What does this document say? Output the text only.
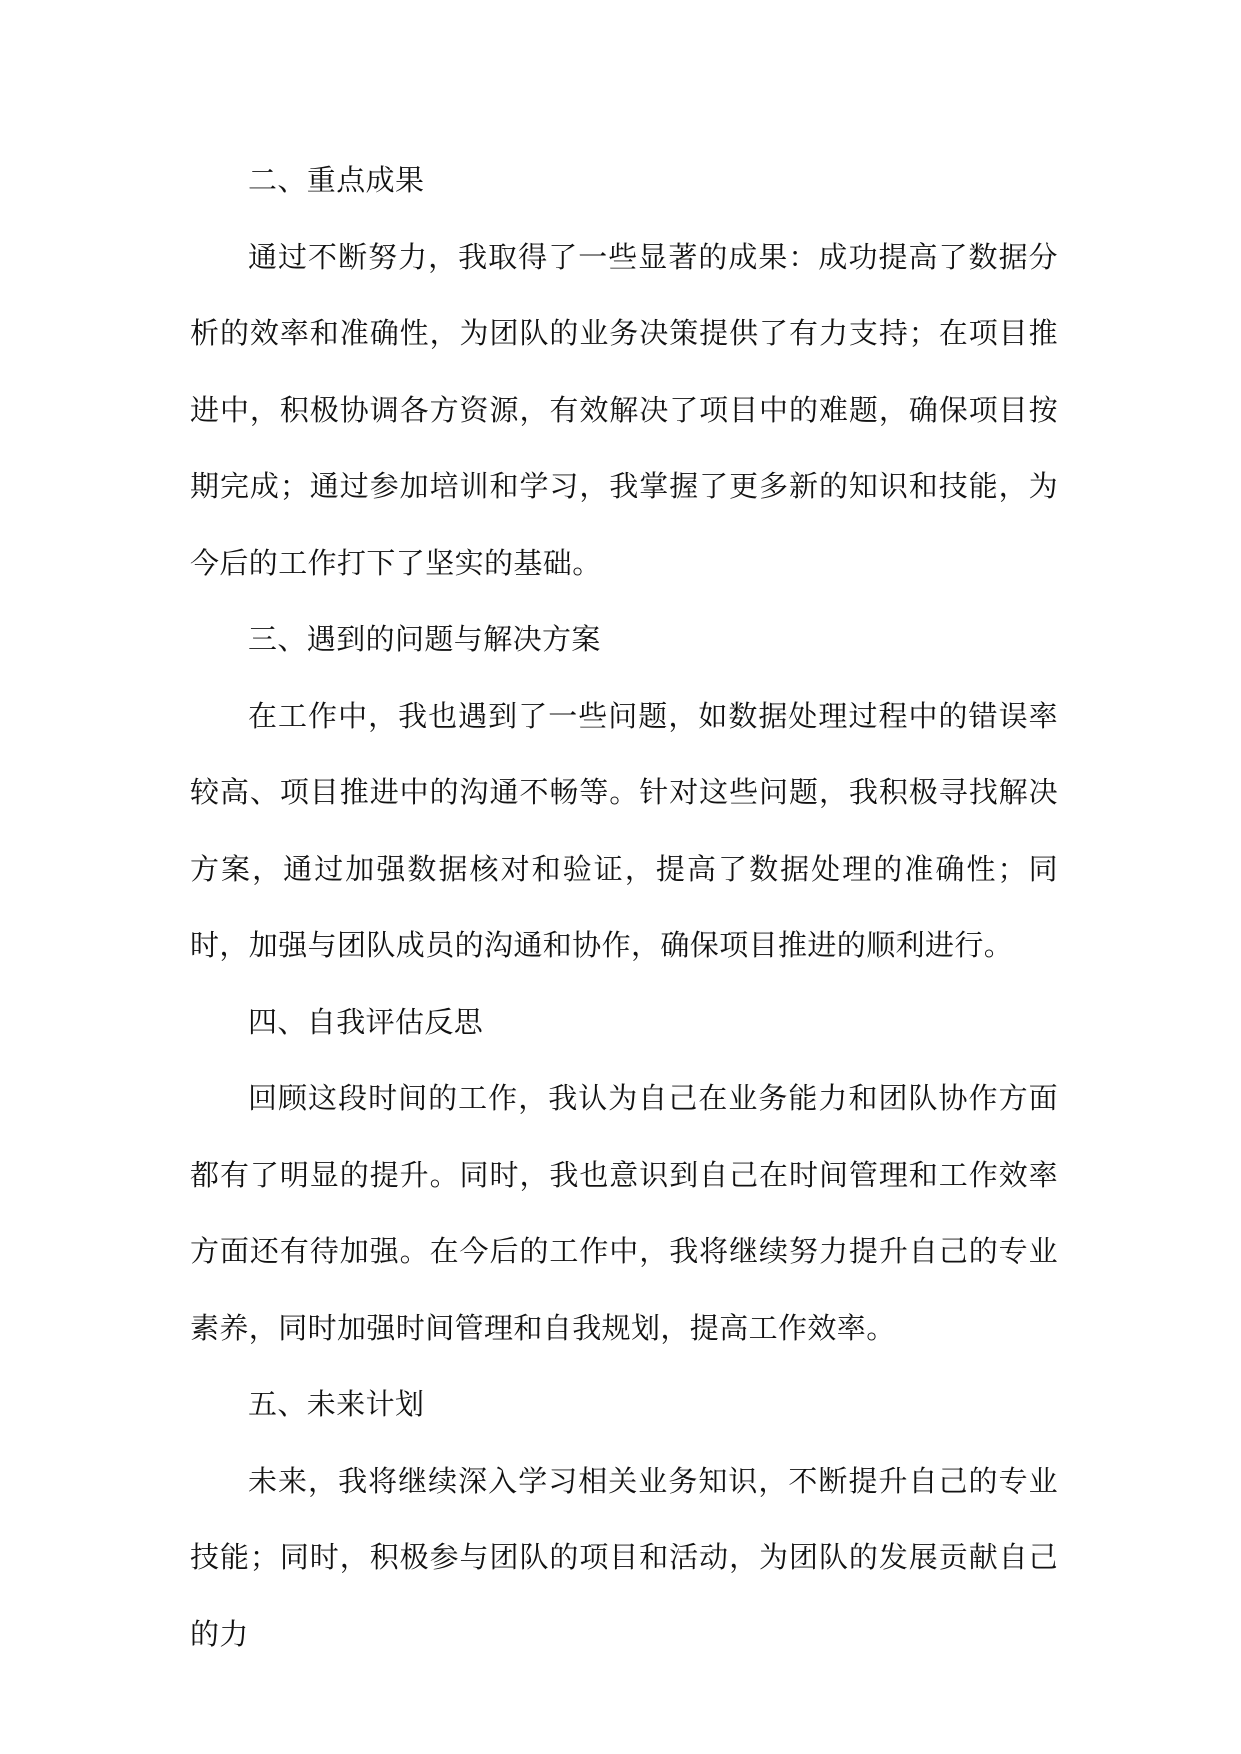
二、重点成果

通过不断努力，我取得了一些显著的成果：成功提高了数据分析的效率和准确性，为团队的业务决策提供了有力支持；在项目推进中，积极协调各方资源，有效解决了项目中的难题，确保项目按期完成；通过参加培训和学习，我掌握了更多新的知识和技能，为今后的工作打下了坚实的基础。

三、遇到的问题与解决方案

在工作中，我也遇到了一些问题，如数据处理过程中的错误率较高、项目推进中的沟通不畅等。针对这些问题，我积极寻找解决方案，通过加强数据核对和验证，提高了数据处理的准确性；同时，加强与团队成员的沟通和协作，确保项目推进的顺利进行。

四、自我评估反思

回顾这段时间的工作，我认为自己在业务能力和团队协作方面都有了明显的提升。同时，我也意识到自己在时间管理和工作效率方面还有待加强。在今后的工作中，我将继续努力提升自己的专业素养，同时加强时间管理和自我规划，提高工作效率。

五、未来计划

未来，我将继续深入学习相关业务知识，不断提升自己的专业技能；同时，积极参与团队的项目和活动，为团队的发展贡献自己的力
